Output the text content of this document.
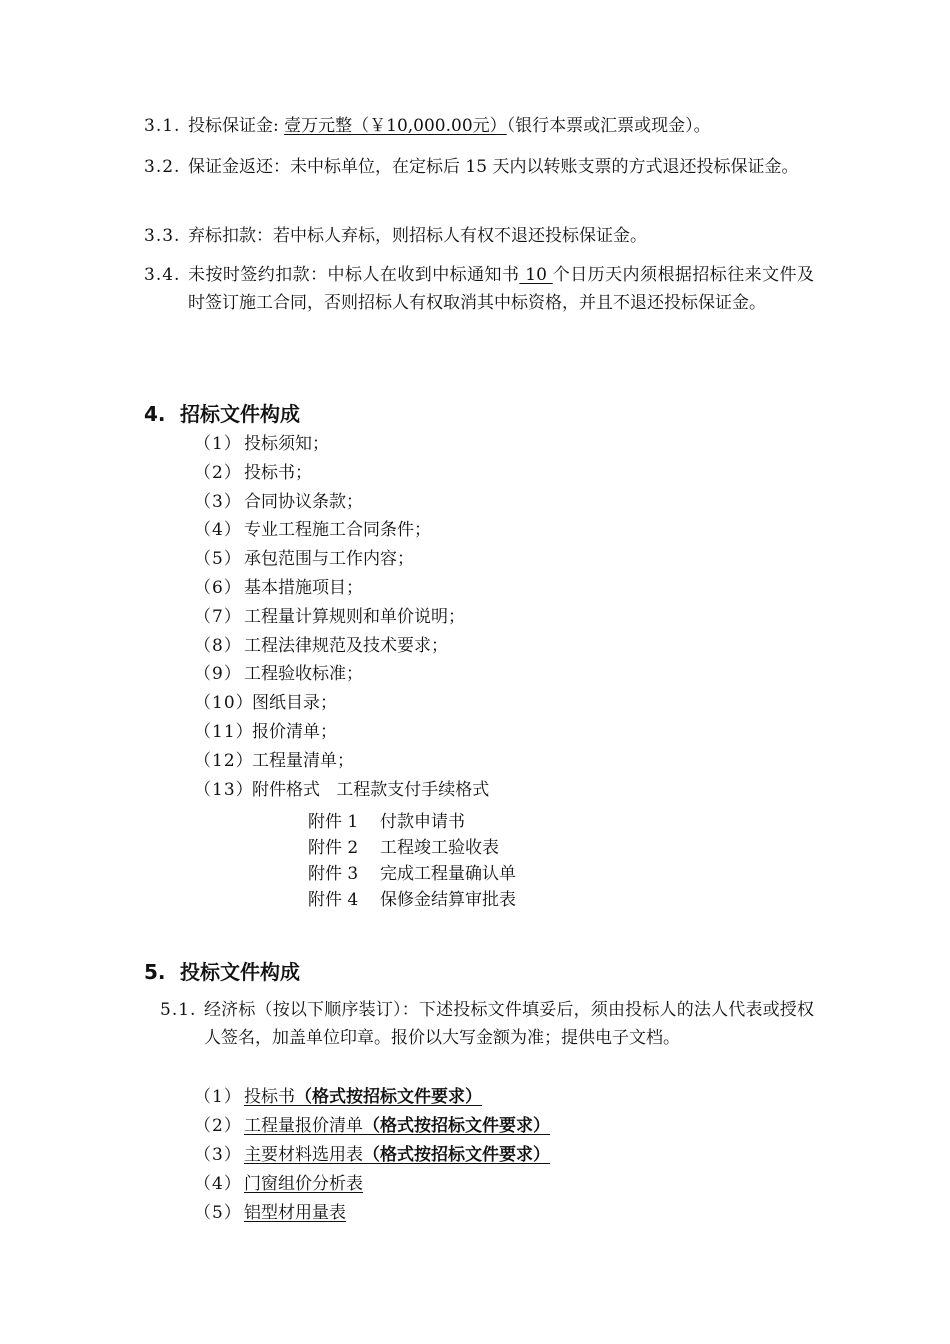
3.1. 投标保证金: 壹万元整（￥10,000.00元）（银行本票或汇票或现金）。
3.2. 保证金返还：未中标单位，在定标后 15 天内以转账支票的方式退还投标保证金。
3.3. 弃标扣款：若中标人弃标，则招标人有权不退还投标保证金。
3.4. 未按时签约扣款：中标人在收到中标通知书 10 个日历天内须根据招标往来文件及时签订施工合同，否则招标人有权取消其中标资格，并且不退还投标保证金。
4. 招标文件构成
（1） 投标须知；
（2） 投标书；
（3） 合同协议条款；
（4） 专业工程施工合同条件；
（5） 承包范围与工作内容；
（6） 基本措施项目；
（7） 工程量计算规则和单价说明；
（8） 工程法律规范及技术要求；
（9） 工程验收标准；
（10）图纸目录；
（11）报价清单；
（12）工程量清单；
（13）附件格式   工程款支付手续格式
附件 1 付款申请书
附件 2 工程竣工验收表
附件 3 完成工程量确认单
附件 4 保修金结算审批表
5. 投标文件构成
5.1. 经济标（按以下顺序装订）：下述投标文件填妥后，须由投标人的法人代表或授权人签名，加盖单位印章。报价以大写金额为准；提供电子文档。
（1） 投标书（格式按招标文件要求）
（2） 工程量报价清单（格式按招标文件要求）
（3） 主要材料选用表（格式按招标文件要求）
（4） 门窗组价分析表
（5） 铝型材用量表
